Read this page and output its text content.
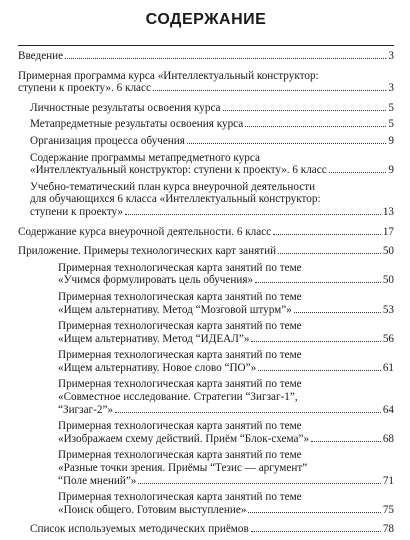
СОДЕРЖАНИЕ
Введение	3
Примерная программа курса «Интеллектуальный конструктор:
ступени к проекту». 6 класс	3
Личностные результаты освоения курса	5
Метапредметные результаты освоения курса	5
Организация процесса обучения	9
Содержание программы метапредметного курса
«Интеллектуальный конструктор: ступени к проекту». 6 класс	9
Учебно-тематический план курса внеурочной деятельности
для обучающихся 6 класса «Интеллектуальный конструктор:
ступени к проекту»	13
Содержание курса внеурочной деятельности. 6 класс	17
Приложение. Примеры технологических карт занятий	50
Примерная технологическая карта занятий по теме
«Учимся формулировать цель обучения»	50
Примерная технологическая карта занятий по теме
«Ищем альтернативу. Метод “Мозговой штурм”»	53
Примерная технологическая карта занятий по теме
«Ищем альтернативу. Метод “ИДЕАЛ”»	56
Примерная технологическая карта занятий по теме
«Ищем альтернативу. Новое слово “ПО”»	61
Примерная технологическая карта занятий по теме
«Совместное исследование. Стратегии “Зигзаг-1”,
“Зигзаг-2”»	64
Примерная технологическая карта занятий по теме
«Изображаем схему действий. Приём “Блок-схема”»	68
Примерная технологическая карта занятий по теме
«Разные точки зрения. Приёмы “Тезис — аргумент”
“Поле мнений”»	71
Примерная технологическая карта занятий по теме
«Поиск общего. Готовим выступление»	75
Список используемых методических приёмов	78
